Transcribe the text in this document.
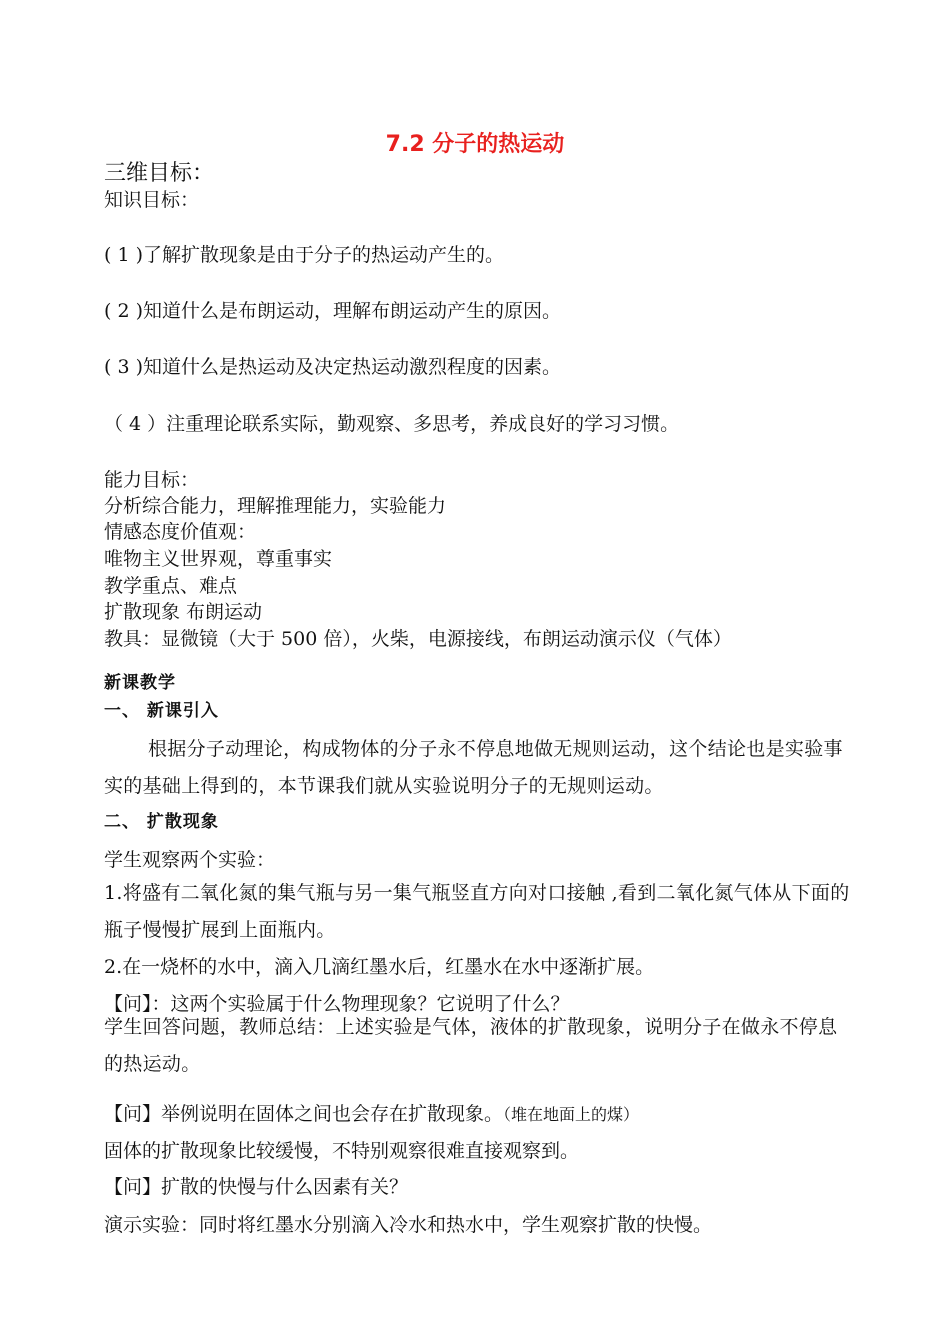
7.2 分子的热运动
三维目标：
知识目标：
( 1 )了解扩散现象是由于分子的热运动产生的。
( 2 )知道什么是布朗运动，理解布朗运动产生的原因。
( 3 )知道什么是热运动及决定热运动激烈程度的因素。
（ 4 ）注重理论联系实际，勤观察、多思考，养成良好的学习习惯。
能力目标：
分析综合能力，理解推理能力，实验能力
情感态度价值观：
唯物主义世界观，尊重事实
教学重点、难点
扩散现象 布朗运动
教具：显微镜（大于 500 倍），火柴，电源接线，布朗运动演示仪（气体）
新课教学
一、 新课引入
根据分子动理论，构成物体的分子永不停息地做无规则运动，这个结论也是实验事实的基础上得到的，本节课我们就从实验说明分子的无规则运动。
二、 扩散现象
学生观察两个实验：
1.将盛有二氧化氮的集气瓶与另一集气瓶竖直方向对口接触 ,看到二氧化氮气体从下面的瓶子慢慢扩展到上面瓶内。
2.在一烧杯的水中，滴入几滴红墨水后，红墨水在水中逐渐扩展。
【问】：这两个实验属于什么物理现象？它说明了什么？
学生回答问题，教师总结：上述实验是气体，液体的扩散现象，说明分子在做永不停息的热运动。
【问】举例说明在固体之间也会存在扩散现象。（堆在地面上的煤）
固体的扩散现象比较缓慢，不特别观察很难直接观察到。
【问】扩散的快慢与什么因素有关？
演示实验：同时将红墨水分别滴入冷水和热水中，学生观察扩散的快慢。
